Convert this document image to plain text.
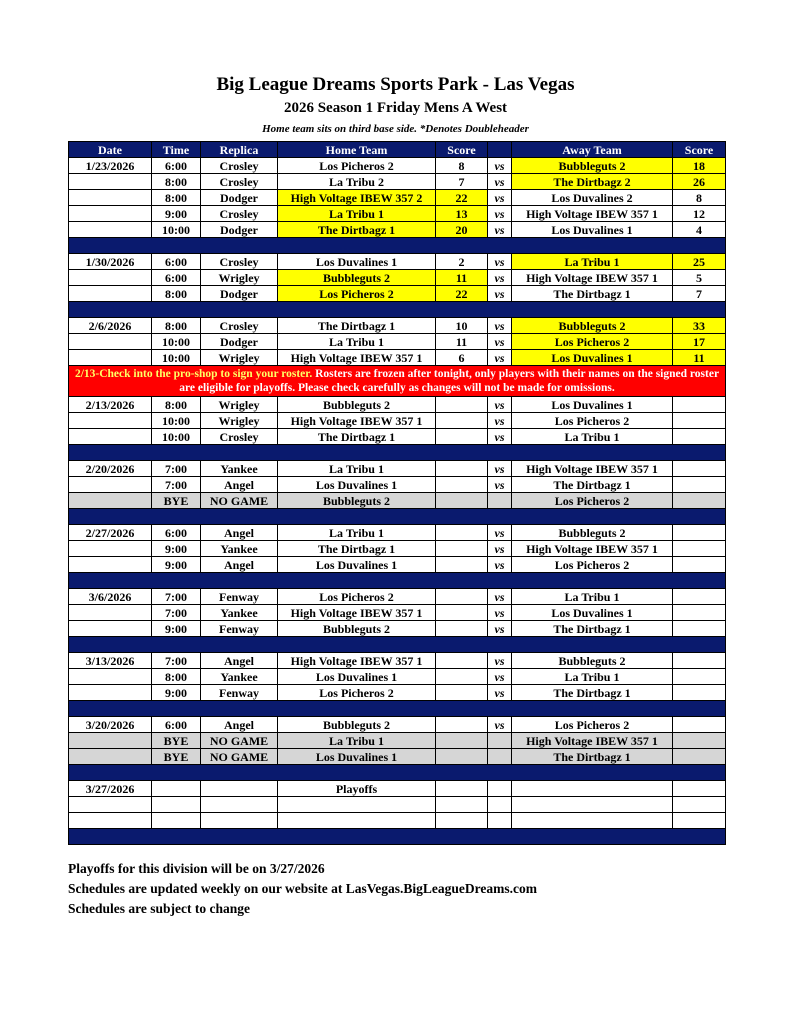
Big League Dreams Sports Park - Las Vegas
2026 Season 1 Friday Mens A West
Home team sits on third base side. *Denotes Doubleheader
Date	Time	Replica	Home Team	Score		Away Team	Score
1/23/2026	6:00	Crosley	Los Picheros 2	8	vs	Bubbleguts 2	18
	8:00	Crosley	La Tribu 2	7	vs	The Dirtbagz 2	26
	8:00	Dodger	High Voltage IBEW 357 2	22	vs	Los Duvalines 2	8
	9:00	Crosley	La Tribu 1	13	vs	High Voltage IBEW 357 1	12
	10:00	Dodger	The Dirtbagz 1	20	vs	Los Duvalines 1	4

1/30/2026	6:00	Crosley	Los Duvalines 1	2	vs	La Tribu 1	25
	6:00	Wrigley	Bubbleguts 2	11	vs	High Voltage IBEW 357 1	5
	8:00	Dodger	Los Picheros 2	22	vs	The Dirtbagz 1	7

2/6/2026	8:00	Crosley	The Dirtbagz 1	10	vs	Bubbleguts 2	33
	10:00	Dodger	La Tribu 1	11	vs	Los Picheros 2	17
	10:00	Wrigley	High Voltage IBEW 357 1	6	vs	Los Duvalines 1	11
2/13-Check into the pro-shop to sign your roster. Rosters are frozen after tonight, only players with their names on the signed roster are eligible for playoffs. Please check carefully as changes will not be made for omissions.							
2/13/2026	8:00	Wrigley	Bubbleguts 2		vs	Los Duvalines 1	
	10:00	Wrigley	High Voltage IBEW 357 1		vs	Los Picheros 2	
	10:00	Crosley	The Dirtbagz 1		vs	La Tribu 1	

2/20/2026	7:00	Yankee	La Tribu 1		vs	High Voltage IBEW 357 1	
	7:00	Angel	Los Duvalines 1		vs	The Dirtbagz 1	
	BYE	NO GAME	Bubbleguts 2			Los Picheros 2	

2/27/2026	6:00	Angel	La Tribu 1		vs	Bubbleguts 2	
	9:00	Yankee	The Dirtbagz 1		vs	High Voltage IBEW 357 1	
	9:00	Angel	Los Duvalines 1		vs	Los Picheros 2	

3/6/2026	7:00	Fenway	Los Picheros 2		vs	La Tribu 1	
	7:00	Yankee	High Voltage IBEW 357 1		vs	Los Duvalines 1	
	9:00	Fenway	Bubbleguts 2		vs	The Dirtbagz 1	

3/13/2026	7:00	Angel	High Voltage IBEW 357 1		vs	Bubbleguts 2	
	8:00	Yankee	Los Duvalines 1		vs	La Tribu 1	
	9:00	Fenway	Los Picheros 2		vs	The Dirtbagz 1	

3/20/2026	6:00	Angel	Bubbleguts 2		vs	Los Picheros 2	
	BYE	NO GAME	La Tribu 1			High Voltage IBEW 357 1	
	BYE	NO GAME	Los Duvalines 1			The Dirtbagz 1	

3/27/2026			Playoffs				

Playoffs for this division will be on 3/27/2026
Schedules are updated weekly on our website at LasVegas.BigLeagueDreams.com
Schedules are subject to change
